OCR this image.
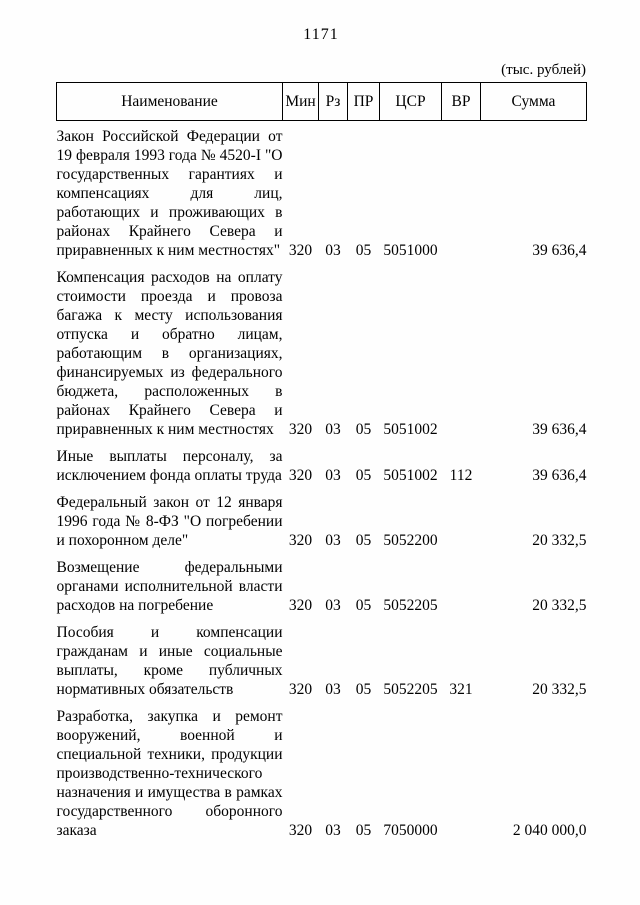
1171
(тыс. рублей)
Наименование	Мин	Рз	ПР	ЦСР	ВР	Сумма
Закон Российской Федерации от 19 февраля 1993 года № 4520-I "О государственных гарантиях и компенсациях для лиц, работающих и проживающих в районах Крайнего Севера и приравненных к ним местностях"	320	03	05	5051000		39 636,4
Компенсация расходов на оплату стоимости проезда и провоза багажа к месту использования отпуска и обратно лицам, работающим в организациях, финансируемых из федерального бюджета, расположенных в районах Крайнего Севера и приравненных к ним местностях	320	03	05	5051002		39 636,4
Иные выплаты персоналу, за исключением фонда оплаты труда	320	03	05	5051002	112	39 636,4
Федеральный закон от 12 января 1996 года № 8-ФЗ "О погребении и похоронном деле"	320	03	05	5052200		20 332,5
Возмещение федеральными органами исполнительной власти расходов на погребение	320	03	05	5052205		20 332,5
Пособия и компенсации гражданам и иные социальные выплаты, кроме публичных нормативных обязательств	320	03	05	5052205	321	20 332,5
Разработка, закупка и ремонт вооружений, военной и специальной техники, продукции производственно-технического назначения и имущества в рамках государственного оборонного заказа	320	03	05	7050000		2 040 000,0
